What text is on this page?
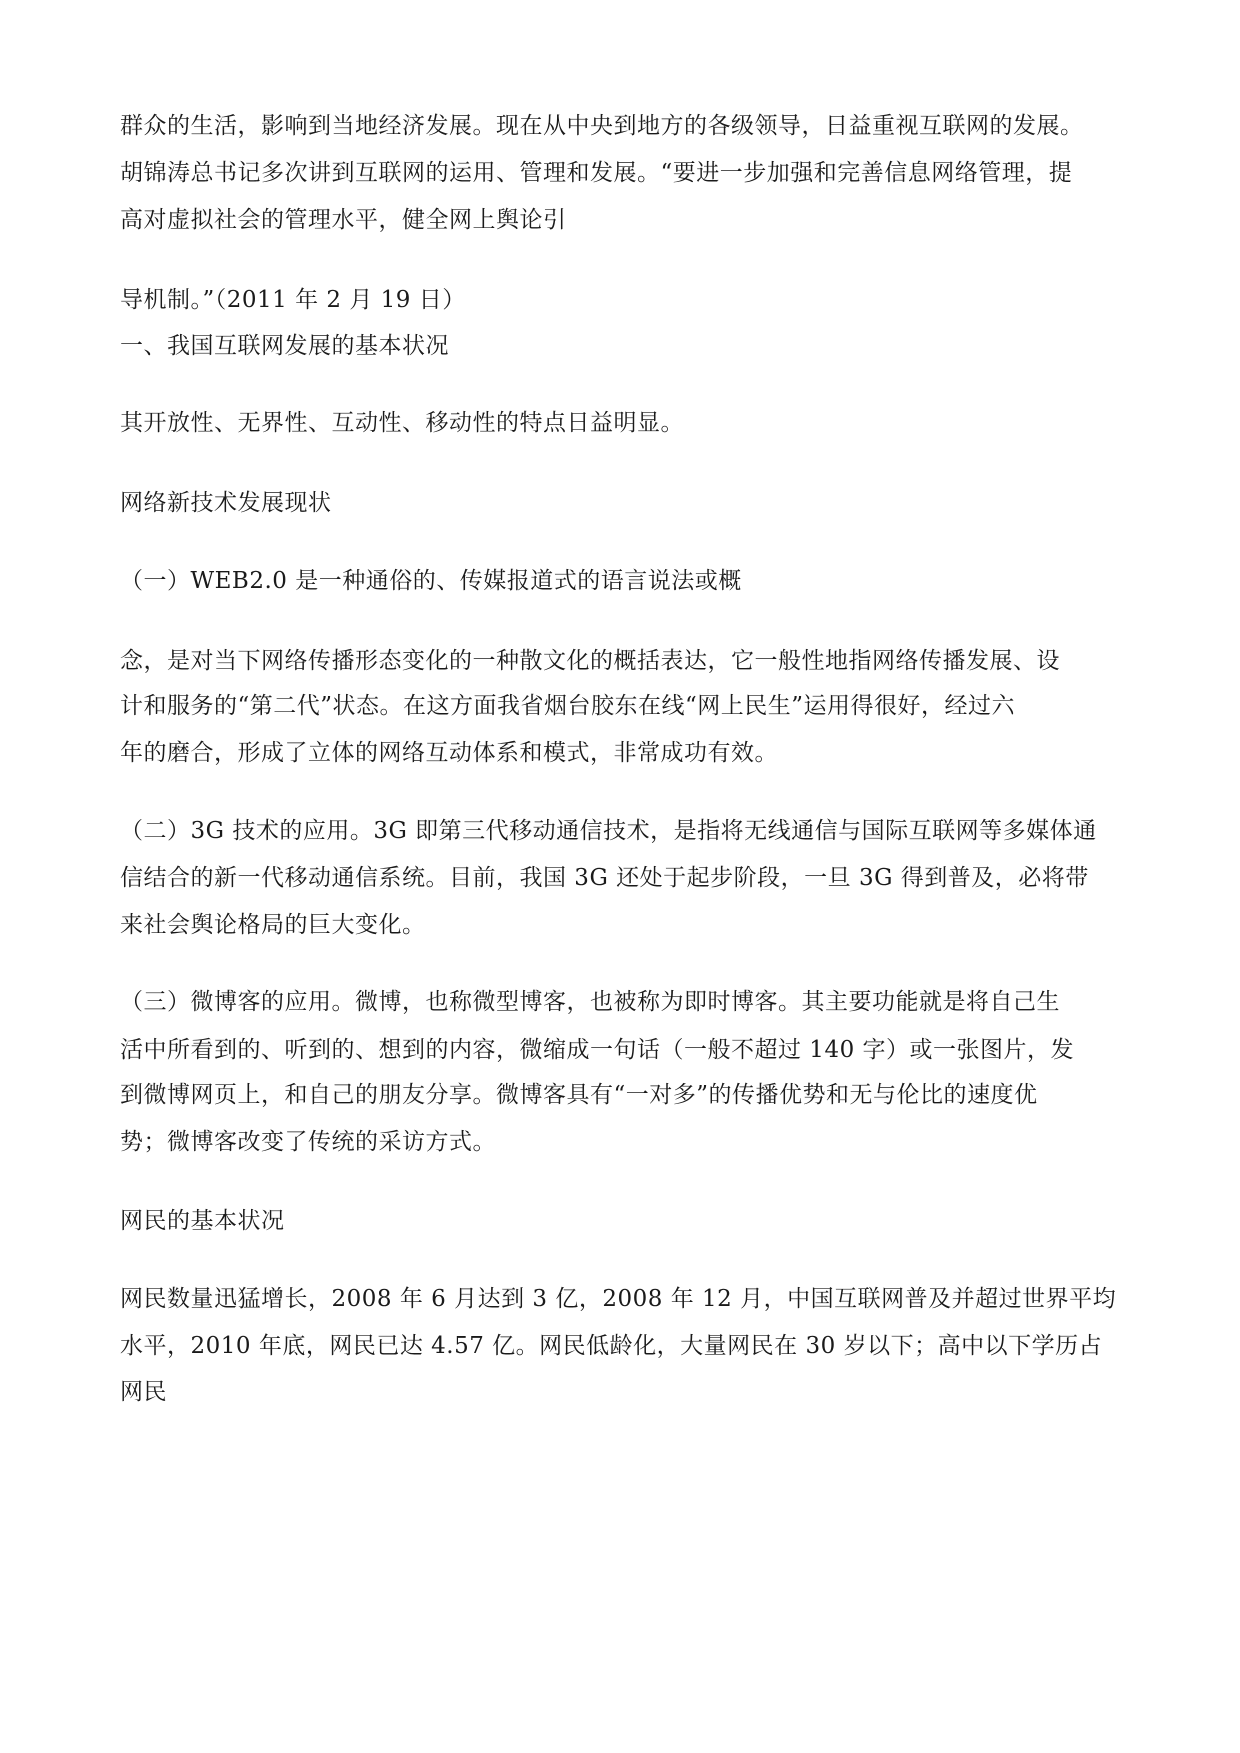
群众的生活，影响到当地经济发展。现在从中央到地方的各级领导，日益重视互联网的发展。
胡锦涛总书记多次讲到互联网的运用、管理和发展。“要进一步加强和完善信息网络管理，提
高对虚拟社会的管理水平，健全网上舆论引
导机制。”（2011 年 2 月 19 日）
一、我国互联网发展的基本状况
其开放性、无界性、互动性、移动性的特点日益明显。
网络新技术发展现状
（一）WEB2.0 是一种通俗的、传媒报道式的语言说法或概
念，是对当下网络传播形态变化的一种散文化的概括表达，它一般性地指网络传播发展、设
计和服务的“第二代”状态。在这方面我省烟台胶东在线“网上民生”运用得很好，经过六
年的磨合，形成了立体的网络互动体系和模式，非常成功有效。
（二）3G 技术的应用。3G 即第三代移动通信技术，是指将无线通信与国际互联网等多媒体通
信结合的新一代移动通信系统。目前，我国 3G 还处于起步阶段，一旦 3G 得到普及，必将带
来社会舆论格局的巨大变化。
（三）微博客的应用。微博，也称微型博客，也被称为即时博客。其主要功能就是将自己生
活中所看到的、听到的、想到的内容，微缩成一句话（一般不超过 140 字）或一张图片，发
到微博网页上，和自己的朋友分享。微博客具有“一对多”的传播优势和无与伦比的速度优
势；微博客改变了传统的采访方式。
网民的基本状况
网民数量迅猛增长，2008 年 6 月达到 3 亿，2008 年 12 月，中国互联网普及并超过世界平均
水平，2010 年底，网民已达 4.57 亿。网民低龄化，大量网民在 30 岁以下；高中以下学历占
网民
